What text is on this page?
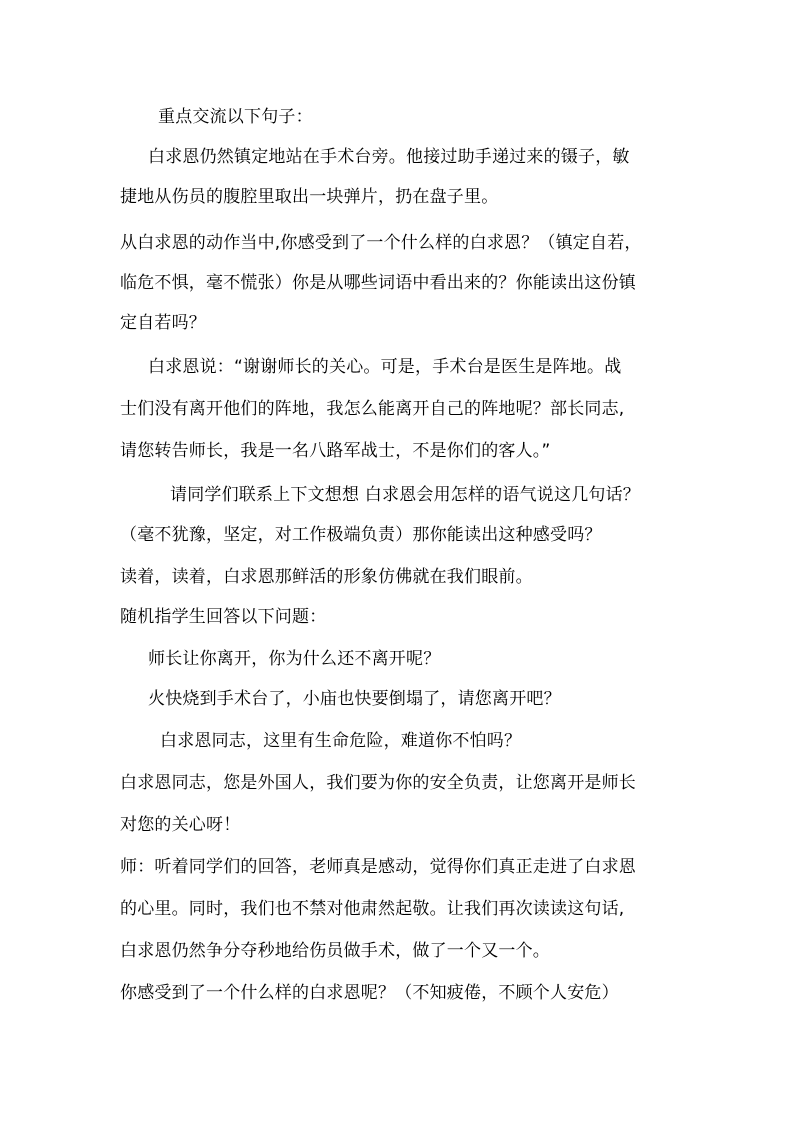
重点交流以下句子：
白求恩仍然镇定地站在手术台旁。他接过助手递过来的镊子，敏
捷地从伤员的腹腔里取出一块弹片，扔在盘子里。
从白求恩的动作当中,你感受到了一个什么样的白求恩？（镇定自若，
临危不惧，毫不慌张）你是从哪些词语中看出来的？你能读出这份镇
定自若吗？
白求恩说：“谢谢师长的关心。可是，手术台是医生是阵地。战
士们没有离开他们的阵地，我怎么能离开自己的阵地呢？部长同志,
请您转告师长，我是一名八路军战士，不是你们的客人。”
请同学们联系上下文想想 白求恩会用怎样的语气说这几句话？
（毫不犹豫，坚定，对工作极端负责）那你能读出这种感受吗？
读着，读着，白求恩那鲜活的形象仿佛就在我们眼前。
随机指学生回答以下问题：
师长让你离开，你为什么还不离开呢？
火快烧到手术台了，小庙也快要倒塌了，请您离开吧？
白求恩同志，这里有生命危险，难道你不怕吗？
白求恩同志，您是外国人，我们要为你的安全负责，让您离开是师长
对您的关心呀！
师：听着同学们的回答，老师真是感动，觉得你们真正走进了白求恩
的心里。同时，我们也不禁对他肃然起敬。让我们再次读读这句话,
白求恩仍然争分夺秒地给伤员做手术，做了一个又一个。
你感受到了一个什么样的白求恩呢？（不知疲倦，不顾个人安危）
